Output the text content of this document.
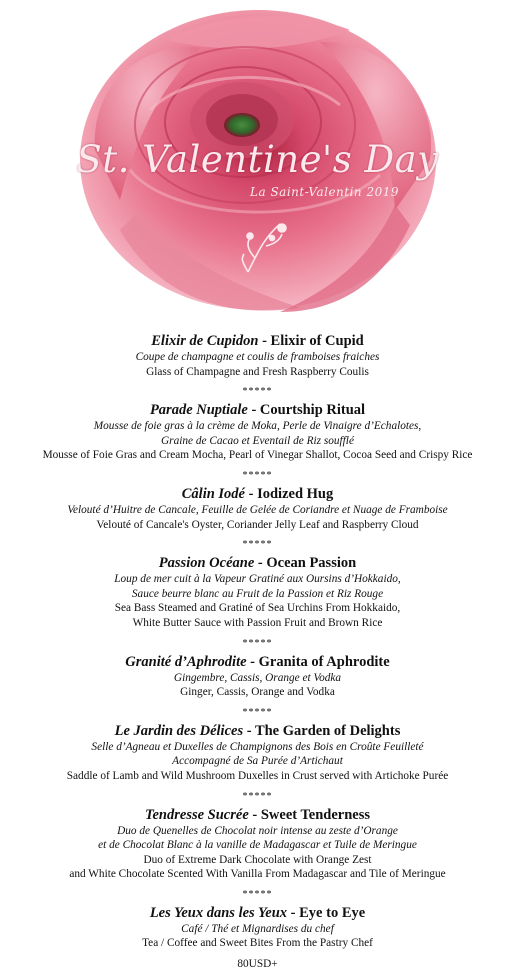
St. Valentine's Day
La Saint-Valentin 2019

Elixir de Cupidon - Elixir of Cupid

Coupe de champagne et coulis de framboises fraiches

Glass of Champagne and Fresh Raspberry Coulis

*****

Parade Nuptiale - Courtship Ritual

Mousse de foie gras à la crème de Moka, Perle de Vinaigre d’Echalotes,

Graine de Cacao et Eventail de Riz soufflé

Mousse of Foie Gras and Cream Mocha, Pearl of Vinegar Shallot, Cocoa Seed and Crispy Rice

*****

Câlin Iodé - Iodized Hug

Velouté d’Huitre de Cancale, Feuille de Gelée de Coriandre et Nuage de Framboise

Velouté of Cancale's Oyster, Coriander Jelly Leaf and Raspberry Cloud

*****

Passion Océane - Ocean Passion

Loup de mer cuit à la Vapeur Gratiné aux Oursins d’Hokkaido,

Sauce beurre blanc au Fruit de la Passion et Riz Rouge

Sea Bass Steamed and Gratiné of Sea Urchins From Hokkaido,

White Butter Sauce with Passion Fruit and Brown Rice

*****

Granité d’Aphrodite - Granita of Aphrodite

Gingembre, Cassis, Orange et Vodka

Ginger, Cassis, Orange and Vodka

*****

Le Jardin des Délices - The Garden of Delights

Selle d’Agneau et Duxelles de Champignons des Bois en Croûte Feuilleté

Accompagné de Sa Purée d’Artichaut

Saddle of Lamb and Wild Mushroom Duxelles in Crust served with Artichoke Purée

*****

Tendresse Sucrée - Sweet Tenderness

Duo de Quenelles de Chocolat noir intense au zeste d’Orange

et de Chocolat Blanc à la vanille de Madagascar et Tuile de Meringue

Duo of Extreme Dark Chocolate with Orange Zest

and White Chocolate Scented With Vanilla From Madagascar and Tile of Meringue

*****

Les Yeux dans les Yeux - Eye to Eye

Café / Thé et Mignardises du chef

Tea / Coffee and Sweet Bites From the Pastry Chef

80USD+
